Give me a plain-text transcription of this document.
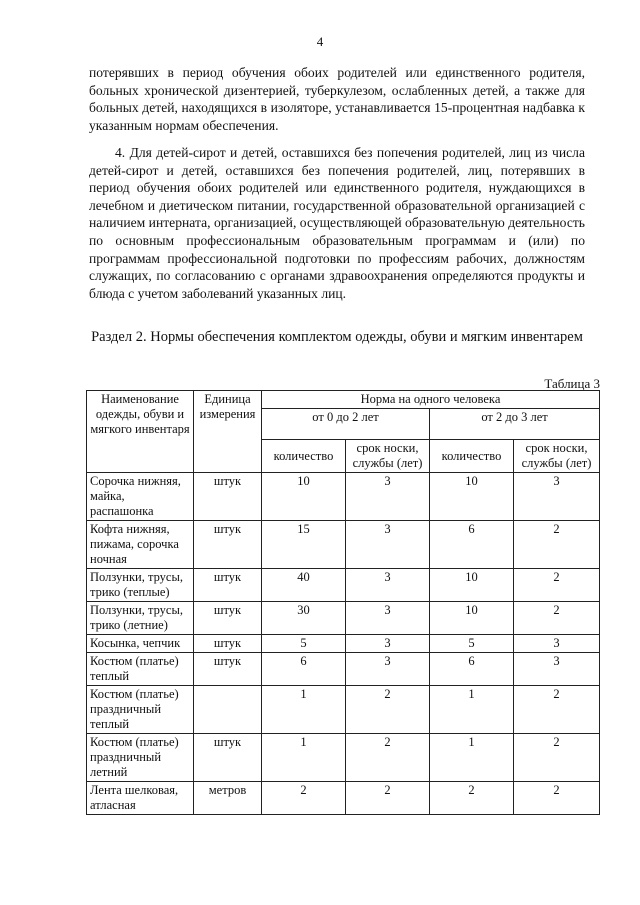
4

потерявших в период обучения обоих родителей или единственного родителя, больных хронической дизентерией, туберкулезом, ослабленных детей, а также для больных детей, находящихся в изоляторе, устанавливается 15-процентная надбавка к указанным нормам обеспечения.

4. Для детей-сирот и детей, оставшихся без попечения родителей, лиц из числа детей-сирот и детей, оставшихся без попечения родителей, лиц, потерявших в период обучения обоих родителей или единственного родителя, нуждающихся в лечебном и диетическом питании, государственной образовательной организацией с наличием интерната, организацией, осуществляющей образовательную деятельность по основным профессиональным образовательным программам и (или) по программам профессиональной подготовки по профессиям рабочих, должностям служащих, по согласованию с органами здравоохранения определяются продукты и блюда с учетом заболеваний указанных лиц.

Раздел 2. Нормы обеспечения комплектом одежды, обуви и мягким инвентарем

Таблица 3
Наименование одежды, обуви и мягкого инвентаря	Единица измерения	Норма на одного человека			
		от 0 до 2 лет		от 2 до 3 лет	
		количество	срок носки, службы (лет)	количество	срок носки, службы (лет)
Сорочка нижняя, майка, распашонка	штук	10	3	10	3
Кофта нижняя, пижама, сорочка ночная	штук	15	3	6	2
Ползунки, трусы, трико (теплые)	штук	40	3	10	2
Ползунки, трусы, трико (летние)	штук	30	3	10	2
Косынка, чепчик	штук	5	3	5	3
Костюм (платье) теплый	штук	6	3	6	3
Костюм (платье) праздничный теплый		1	2	1	2
Костюм (платье) праздничный летний	штук	1	2	1	2
Лента шелковая, атласная	метров	2	2	2	2
